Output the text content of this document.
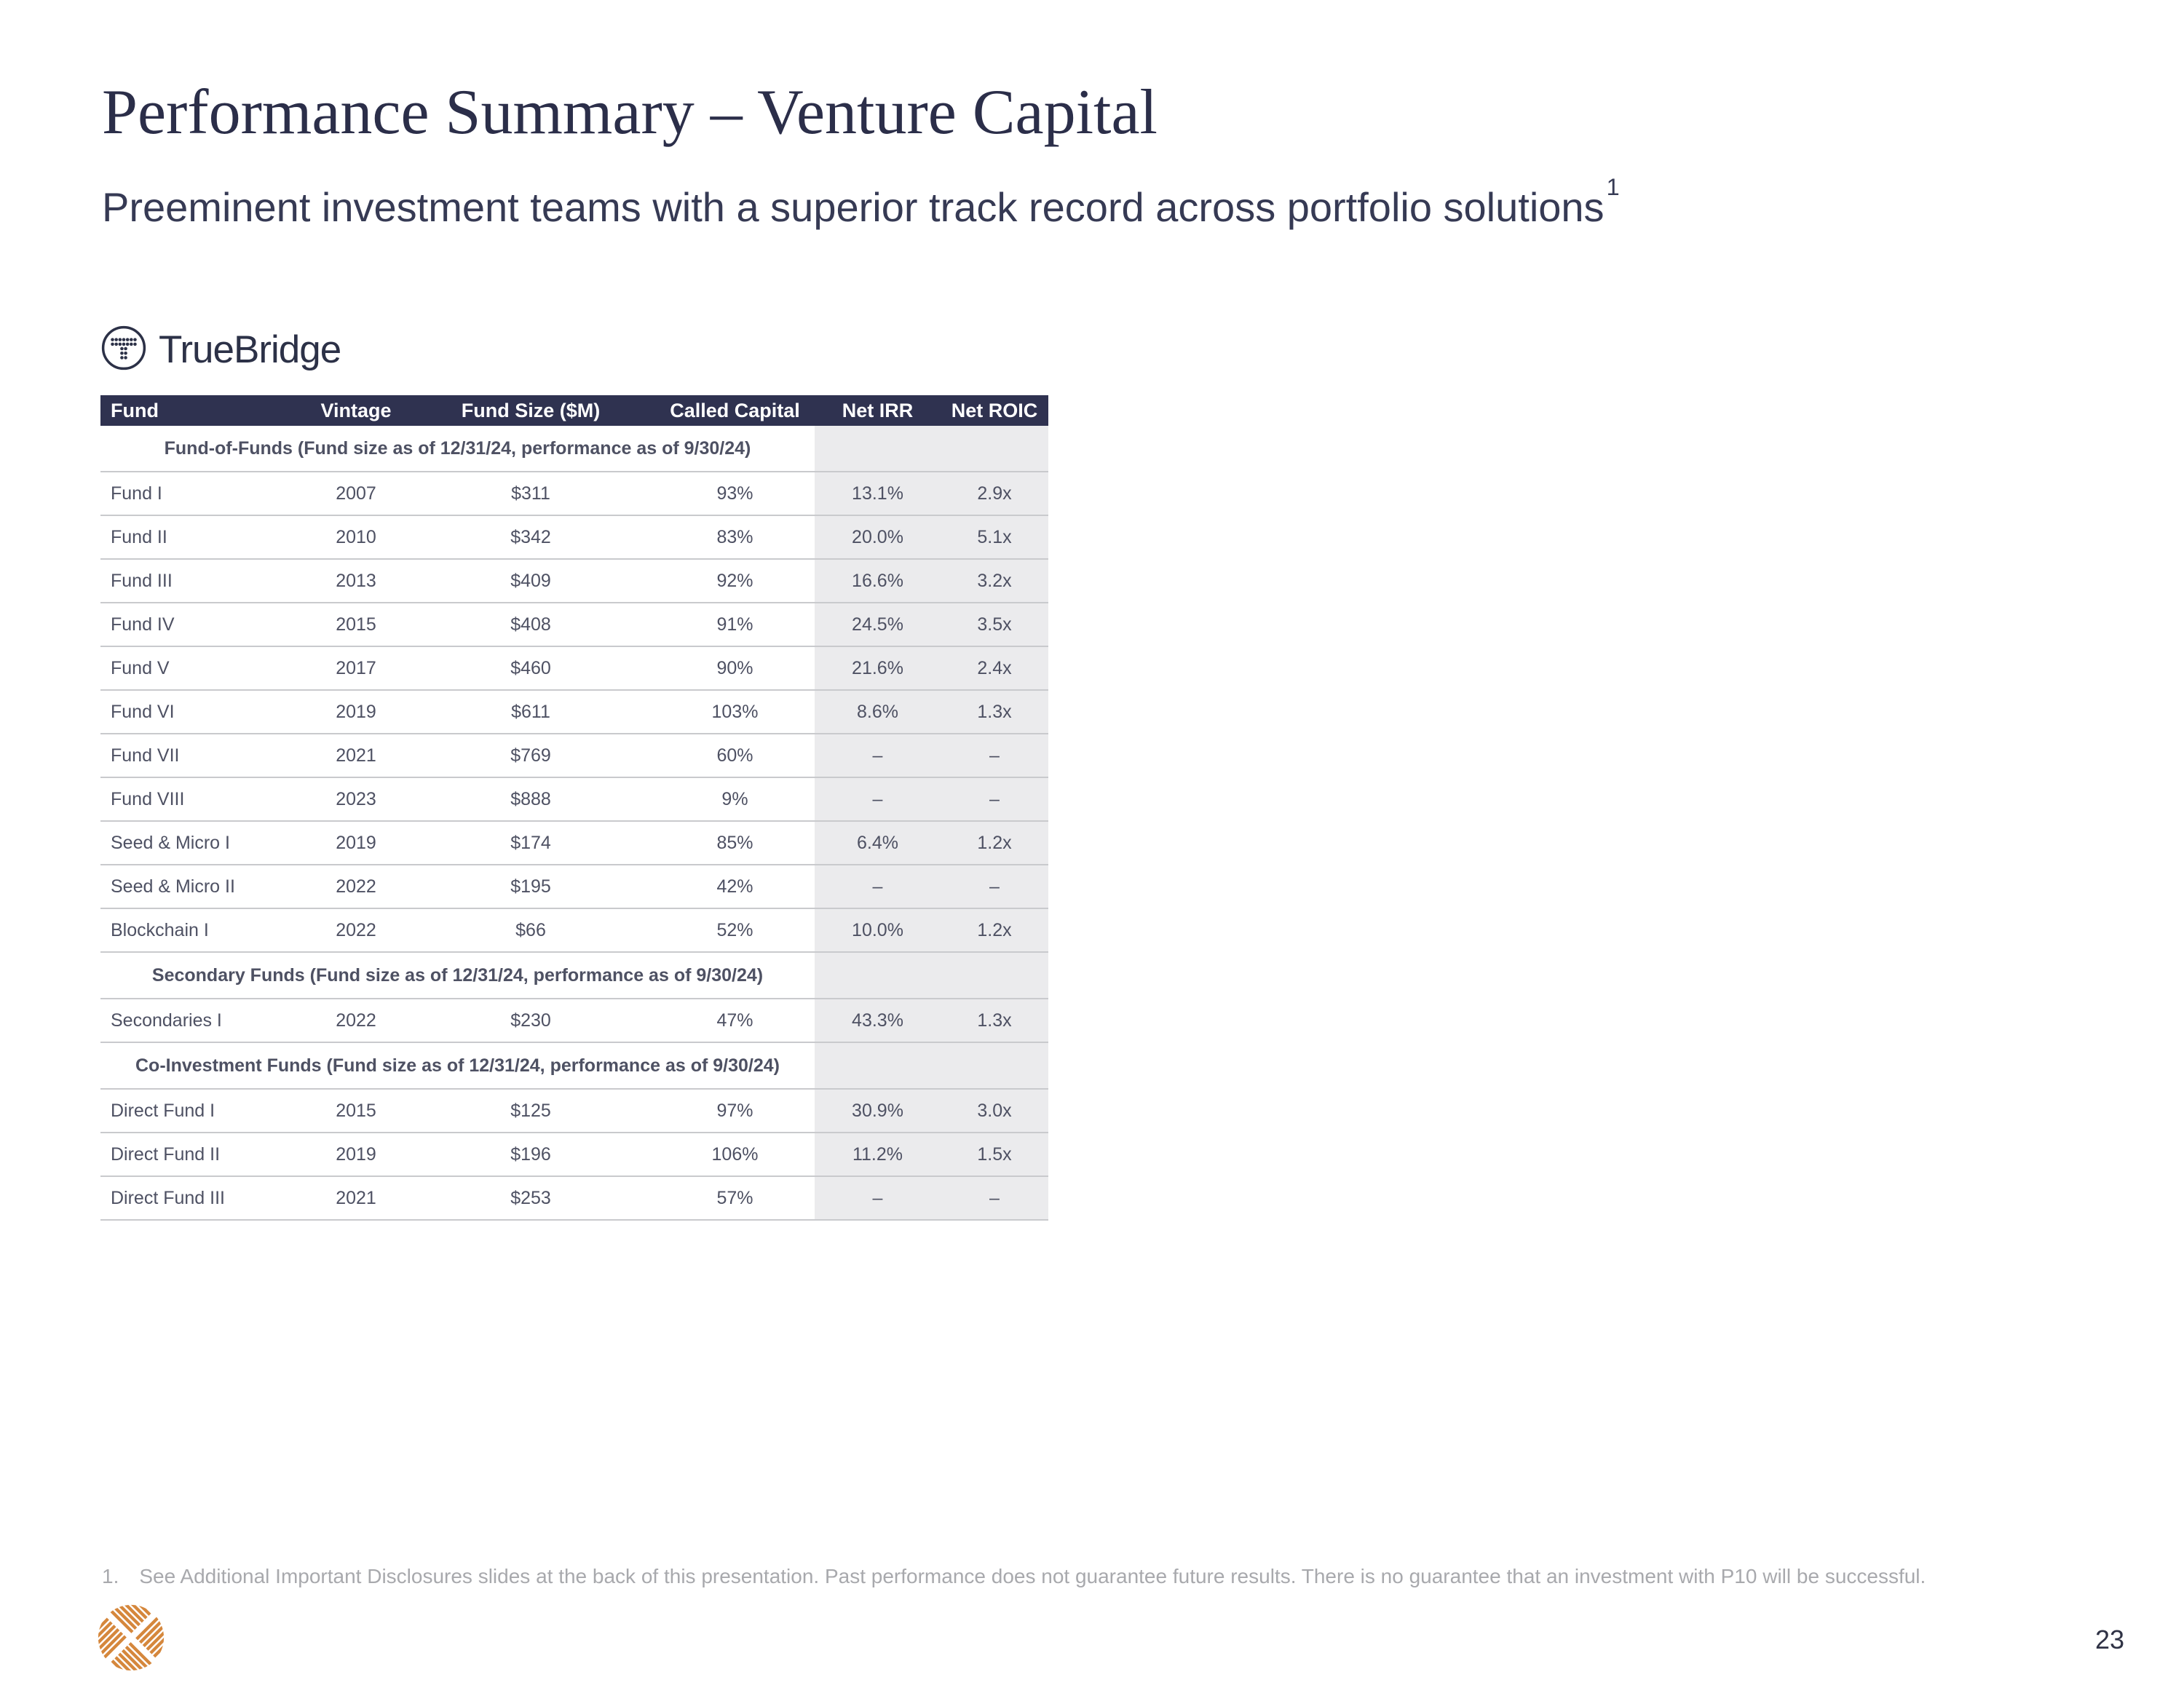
Performance Summary – Venture Capital
Preeminent investment teams with a superior track record across portfolio solutions$^1$
TrueBridge
Fund	Vintage	Fund Size ($M)	Called Capital	Net IRR	Net ROIC
Fund-of-Funds (Fund size as of 12/31/24, performance as of 9/30/24)					
Fund I	2007	$311	93%	13.1%	2.9x
Fund II	2010	$342	83%	20.0%	5.1x
Fund III	2013	$409	92%	16.6%	3.2x
Fund IV	2015	$408	91%	24.5%	3.5x
Fund V	2017	$460	90%	21.6%	2.4x
Fund VI	2019	$611	103%	8.6%	1.3x
Fund VII	2021	$769	60%	–	–
Fund VIII	2023	$888	9%	–	–
Seed & Micro I	2019	$174	85%	6.4%	1.2x
Seed & Micro II	2022	$195	42%	–	–
Blockchain I	2022	$66	52%	10.0%	1.2x
Secondary Funds (Fund size as of 12/31/24, performance as of 9/30/24)					
Secondaries I	2022	$230	47%	43.3%	1.3x
Co-Investment Funds (Fund size as of 12/31/24, performance as of 9/30/24)					
Direct Fund I	2015	$125	97%	30.9%	3.0x
Direct Fund II	2019	$196	106%	11.2%	1.5x
Direct Fund III	2021	$253	57%	–	–
1. See Additional Important Disclosures slides at the back of this presentation. Past performance does not guarantee future results. There is no guarantee that an investment with P10 will be successful.
23
